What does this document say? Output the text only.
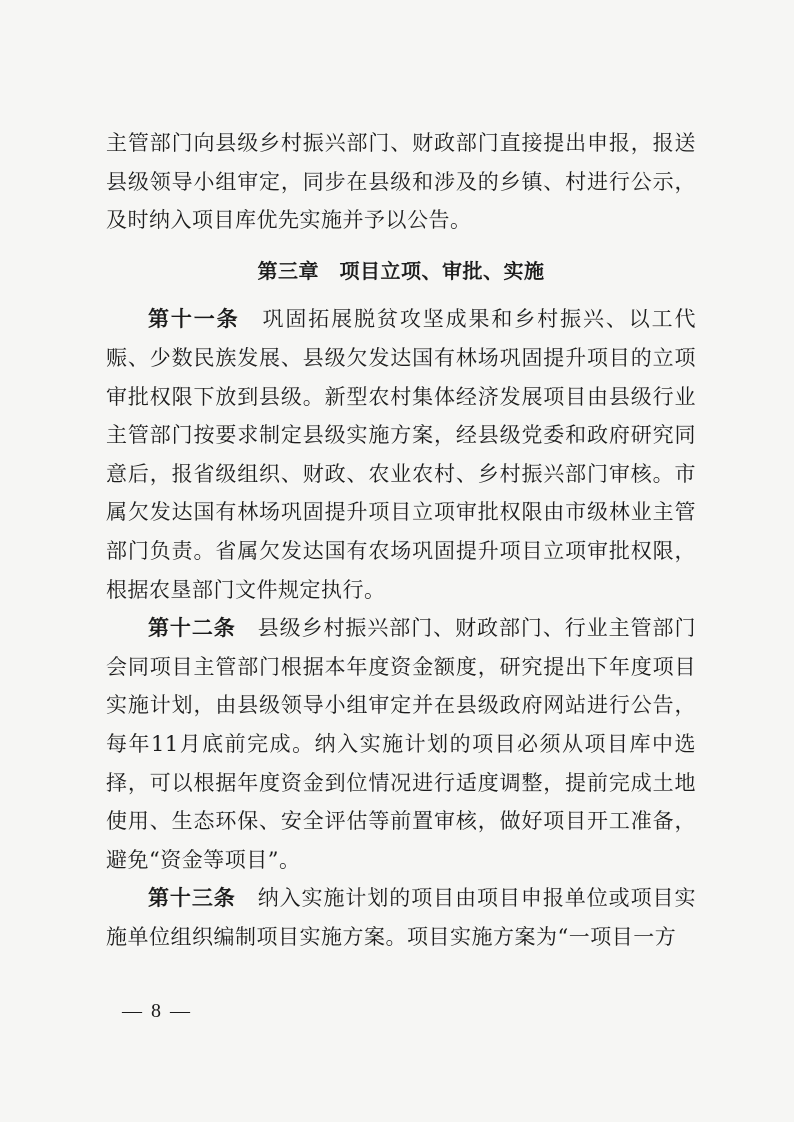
主管部门向县级乡村振兴部门、财政部门直接提出申报，报送县级领导小组审定，同步在县级和涉及的乡镇、村进行公示，及时纳入项目库优先实施并予以公告。

第三章　项目立项、审批、实施

第十一条　 巩固拓展脱贫攻坚成果和乡村振兴、以工代赈、少数民族发展、县级欠发达国有林场巩固提升项目的立项审批权限下放到县级。新型农村集体经济发展项目由县级行业主管部门按要求制定县级实施方案，经县级党委和政府研究同意后，报省级组织、财政、农业农村、乡村振兴部门审核。市属欠发达国有林场巩固提升项目立项审批权限由市级林业主管部门负责。省属欠发达国有农场巩固提升项目立项审批权限，根据农垦部门文件规定执行。

第十二条　 县级乡村振兴部门、财政部门、行业主管部门会同项目主管部门根据本年度资金额度，研究提出下年度项目实施计划，由县级领导小组审定并在县级政府网站进行公告，每年11月底前完成。纳入实施计划的项目必须从项目库中选择，可以根据年度资金到位情况进行适度调整，提前完成土地使用、生态环保、安全评估等前置审核，做好项目开工准备，避免“资金等项目”。

第十三条　 纳入实施计划的项目由项目申报单位或项目实施单位组织编制项目实施方案。项目实施方案为“一项目一方

— 8 —
